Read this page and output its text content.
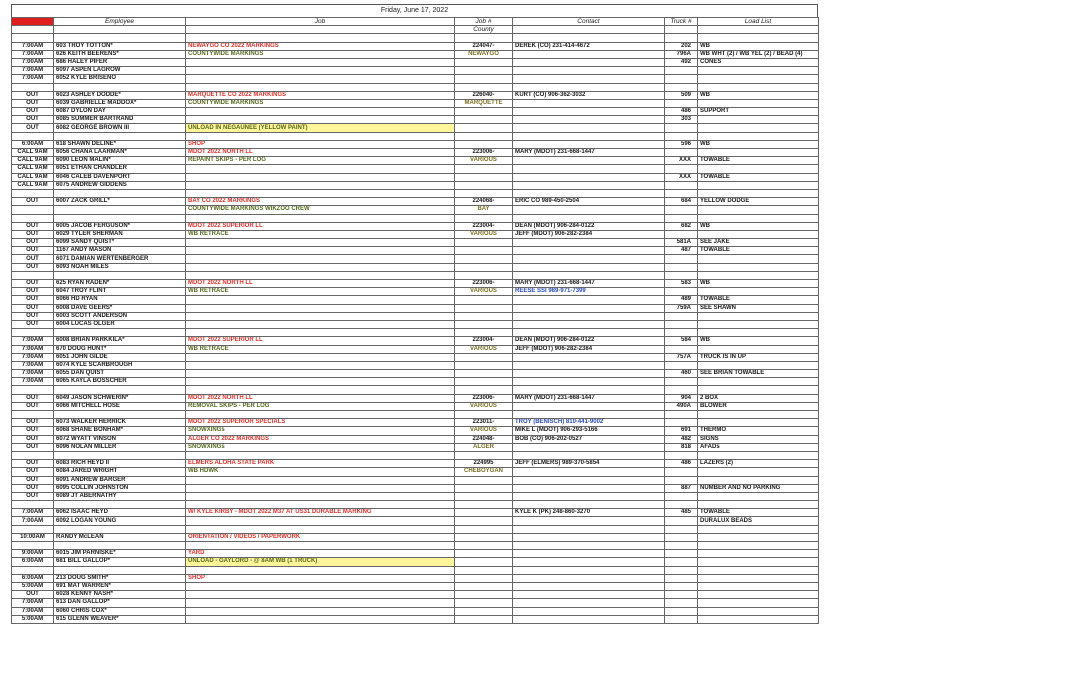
Friday, June 17, 2022
Time	Employee	Job	Job #	Contact	Truck #	Load List
			County			

7:00AM	603 TROY TOTTON*	NEWAYGO CO 2022 MARKINGS	224047-	DEREK (CO) 231-414-4672	202	WB
7:00AM	626 KEITH BEERENS*	COUNTYWIDE MARKINGS	NEWAYGO		796A	WB WHT (2) / WB YEL (2) / BEAD (4)
7:00AM	686 HALEY PIFER				492	CONES
7:00AM	6097 ASPEN LAGROW					
7:00AM	6052 KYLE BRISENO					

OUT	6023 ASHLEY DODDE*	MARQUETTE CO 2022 MARKINGS	226040-	KURT (CO) 906-362-3032	509	WB
OUT	6039 GABRIELLE MADDOX*	COUNTYWIDE MARKINGS	MARQUETTE			
OUT	6087 DYLON DAY				486	SUPPORT
OUT	6085 SUMMER BARTRAND				303	
OUT	6082 GEORGE BROWN III	UNLOAD IN NEGAUNEE (YELLOW PAINT)				

6:00AM	618 SHAWN DELINE*	SHOP			596	WB
CALL 9AM	6056 CHANA LAARMAN*	MDOT 2022 NORTH LL	223006-	MARY (MDOT) 231-668-1447		
CALL 9AM	6090 LEON MALIN*	REPAINT SKIPS - PER LOG	VARIOUS		XXX	TOWABLE
CALL 9AM	6051 ETHAN CHANDLER					
CALL 9AM	6046 CALEB DAVENPORT				XXX	TOWABLE
CALL 9AM	6075 ANDREW GIDDENS					

OUT	6007 ZACK GRILL*	BAY CO 2022 MARKINGS	224068-	ERIC CO 989-450-2504	684	YELLOW DODGE
		COUNTYWIDE MARKINGS WIKZOO CREW	BAY			

OUT	6005 JACOB FERGUSON*	MDOT 2022 SUPERIOR LL	223004-	DEAN (MDOT) 906-284-0122	682	WB
OUT	6029 TYLER SHERMAN	WB RETRACE	VARIOUS	JEFF (MDOT) 906-282-2384		
OUT	6099 SANDY QUIST*				581A	SEE JAKE
OUT	1167 ANDY MASON				487	TOWABLE
OUT	6071 DAMIAN WERTENBERGER					
OUT	6093 NOAH MILES					

OUT	625 RYAN RADEN*	MDOT 2022 NORTH LL	223006-	MARY (MDOT) 231-668-1447	583	WB
OUT	6047 TROY FLINT	WB RETRACE	VARIOUS	REESE SSI 989-971-7399		
OUT	6066 HD RYAN				489	TOWABLE
OUT	6008 DAVE GEERS*				759A	SEE SHAWN
OUT	6003 SCOTT ANDERSON					
OUT	6004 LUCAS OLGER					

7:00AM	6008 BRIAN PARKKILA*	MDOT 2022 SUPERIOR LL	223004-	DEAN (MDOT) 906-284-0122	584	WB
7:00AM	670 DOUG HUNT*	WB RETRACE	VARIOUS	JEFF (MDOT) 906-282-2384		
7:00AM	6051 JOHN GILDE				757A	TRUCK IS IN UP
7:00AM	6074 KYLE SCARBROUGH					
7:00AM	6055 DAN QUIST				460	SEE BRIAN TOWABLE
7:00AM	6065 KAYLA BOSSCHER					

OUT	6049 JASON SCHWERIN*	MDOT 2022 NORTH LL	223006-	MARY (MDOT) 231-668-1447	904	2 BOX
OUT	6066 MITCHELL HOSE	REMOVAL SKIPS - PER LOG	VARIOUS		490A	BLOWER

OUT	6073 WALKER HERRICK	MDOT 2022 SUPERIOR SPECIALS	223011-	TROY (BENISCH) 810-441-9002		
OUT	6068 SHANE BONHAM*	SNOWXINGs	VARIOUS	MIKE L (MDOT) 906-293-5166	691	THERMO
OUT	6072 WYATT VINSON	ALGER CO 2022 MARKINGS	224048-	BOB (CO) 906-202-0527	482	SIGNS
OUT	6096 NOLAN MILLER	SNOWXINGs	ALGER		818	AFADs

OUT	6083 RICH HEYD II	ELMERS ALOHA STATE PARK	224995	JEFF (ELMERS) 989-370-5854	486	LAZERS (2)
OUT	6084 JARED WRIGHT	WB HDWK	CHEBOYGAN			
OUT	6091 ANDREW BARGER					
OUT	6095 COLLIN JOHNSTON				887	NUMBER AND NO PARKING
OUT	6089 JT ABERNATHY					

7:00AM	6062 ISAAC HEYD	W/ KYLE KIRBY - MDOT 2022 M37 AT US31 DURABLE MARKING		KYLE K (PK) 248-860-3270	485	TOWABLE
7:00AM	6092 LOGAN YOUNG					DURALUX BEADS

10:00AM	RANDY McLEAN	ORIENTATION / VIDEOS / PAPERWORK				

9:00AM	6015 JIM PARNISKE*	YARD				
6:00AM	681 BILL GALLOP*	UNLOAD - GAYLORD - @ 8AM WB (1 TRUCK)				

6:00AM	213 DOUG SMITH*	SHOP				
5:00AM	691 MAT WARREN*					
OUT	6028 KENNY NASH*					
7:00AM	613 DAN GALLOP*					
7:00AM	6060 CHRIS COX*					
5:00AM	615 GLENN WEAVER*					
